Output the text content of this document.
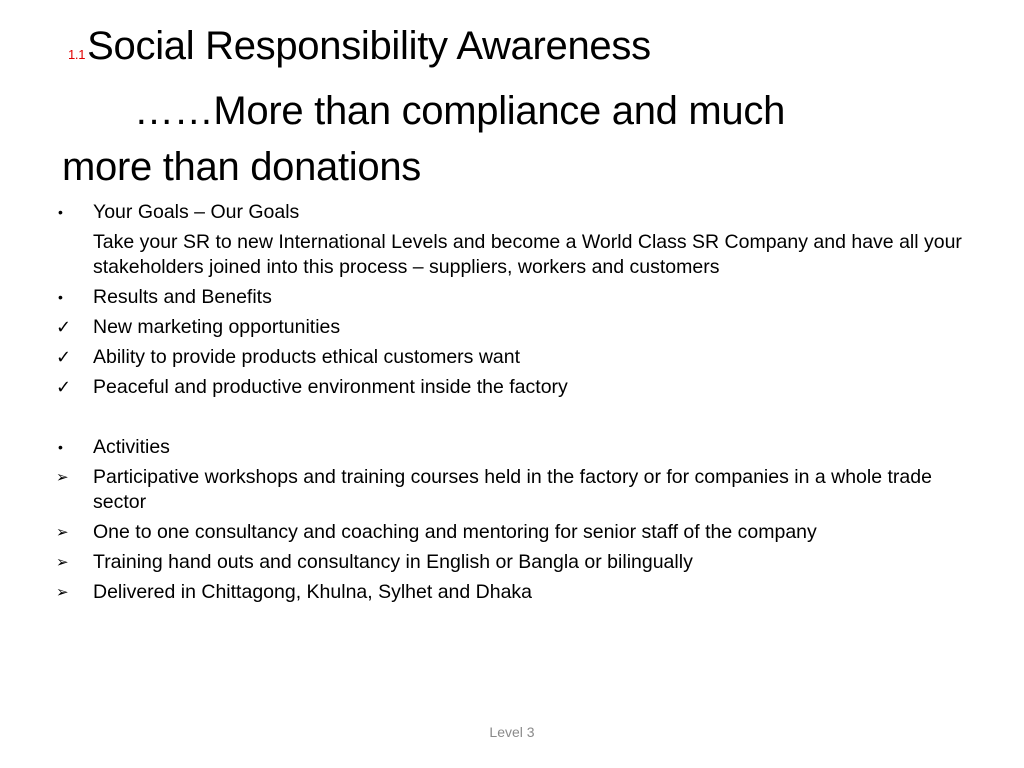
1.1Social Responsibility Awareness
……More than compliance and much
more than donations
•	Your Goals – Our Goals
Take your SR to new International Levels and become a World Class SR Company and have all your stakeholders joined into this process – suppliers, workers and customers
•	Results and Benefits
✓	New marketing opportunities
✓	Ability to provide products ethical customers want
✓	Peaceful and productive environment inside the factory
•	Activities
➢	Participative workshops and training courses held in the factory or for companies in a whole trade sector
➢	One to one consultancy and coaching and mentoring for senior staff of the company
➢	Training hand outs and consultancy in English or Bangla or bilingually
➢	Delivered in Chittagong, Khulna, Sylhet and Dhaka
Level 3
